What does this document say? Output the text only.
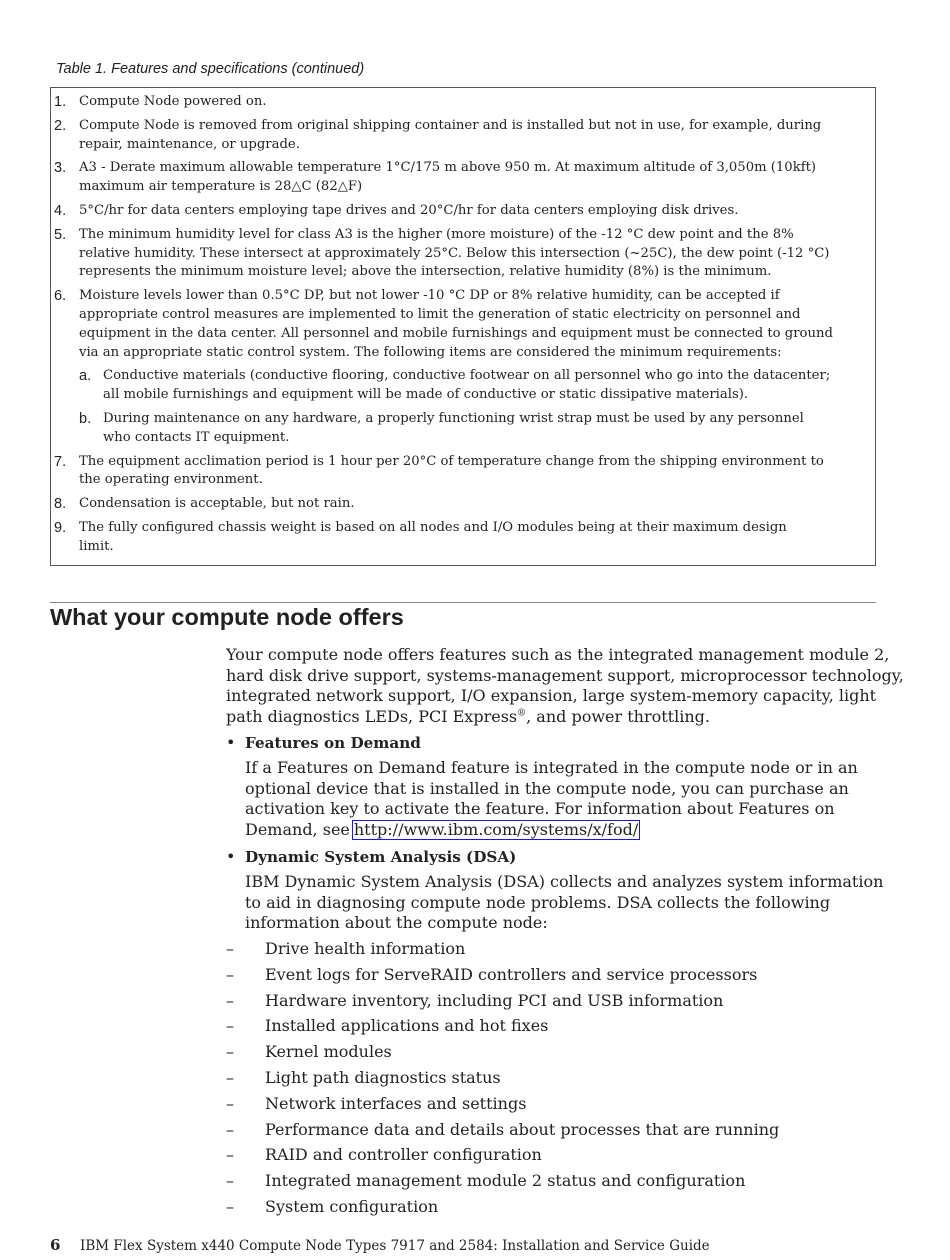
Table 1. Features and specifications (continued)
1. Compute Node powered on.
2. Compute Node is removed from original shipping container and is installed but not in use, for example, during
repair, maintenance, or upgrade.
3. A3 - Derate maximum allowable temperature 1°C/175 m above 950 m. At maximum altitude of 3,050m (10kft)
maximum air temperature is 28△C (82△F)
4. 5°C/hr for data centers employing tape drives and 20°C/hr for data centers employing disk drives.
5. The minimum humidity level for class A3 is the higher (more moisture) of the -12 °C dew point and the 8%
relative humidity. These intersect at approximately 25°C. Below this intersection (~25C), the dew point (-12 °C)
represents the minimum moisture level; above the intersection, relative humidity (8%) is the minimum.
6. Moisture levels lower than 0.5°C DP, but not lower -10 °C DP or 8% relative humidity, can be accepted if
appropriate control measures are implemented to limit the generation of static electricity on personnel and
equipment in the data center. All personnel and mobile furnishings and equipment must be connected to ground
via an appropriate static control system. The following items are considered the minimum requirements:
a. Conductive materials (conductive flooring, conductive footwear on all personnel who go into the datacenter;
all mobile furnishings and equipment will be made of conductive or static dissipative materials).
b. During maintenance on any hardware, a properly functioning wrist strap must be used by any personnel
who contacts IT equipment.
7. The equipment acclimation period is 1 hour per 20°C of temperature change from the shipping environment to
the operating environment.
8. Condensation is acceptable, but not rain.
9. The fully configured chassis weight is based on all nodes and I/O modules being at their maximum design
limit.
What your compute node offers
Your compute node offers features such as the integrated management module 2,
hard disk drive support, systems-management support, microprocessor technology,
integrated network support, I/O expansion, large system-memory capacity, light
path diagnostics LEDs, PCI Express®, and power throttling.
• Features on Demand
If a Features on Demand feature is integrated in the compute node or in an
optional device that is installed in the compute node, you can purchase an
activation key to activate the feature. For information about Features on
Demand, see http://www.ibm.com/systems/x/fod/
• Dynamic System Analysis (DSA)
IBM Dynamic System Analysis (DSA) collects and analyzes system information
to aid in diagnosing compute node problems. DSA collects the following
information about the compute node:
– Drive health information
– Event logs for ServeRAID controllers and service processors
– Hardware inventory, including PCI and USB information
– Installed applications and hot fixes
– Kernel modules
– Light path diagnostics status
– Network interfaces and settings
– Performance data and details about processes that are running
– RAID and controller configuration
– Integrated management module 2 status and configuration
– System configuration
6 IBM Flex System x440 Compute Node Types 7917 and 2584: Installation and Service Guide
